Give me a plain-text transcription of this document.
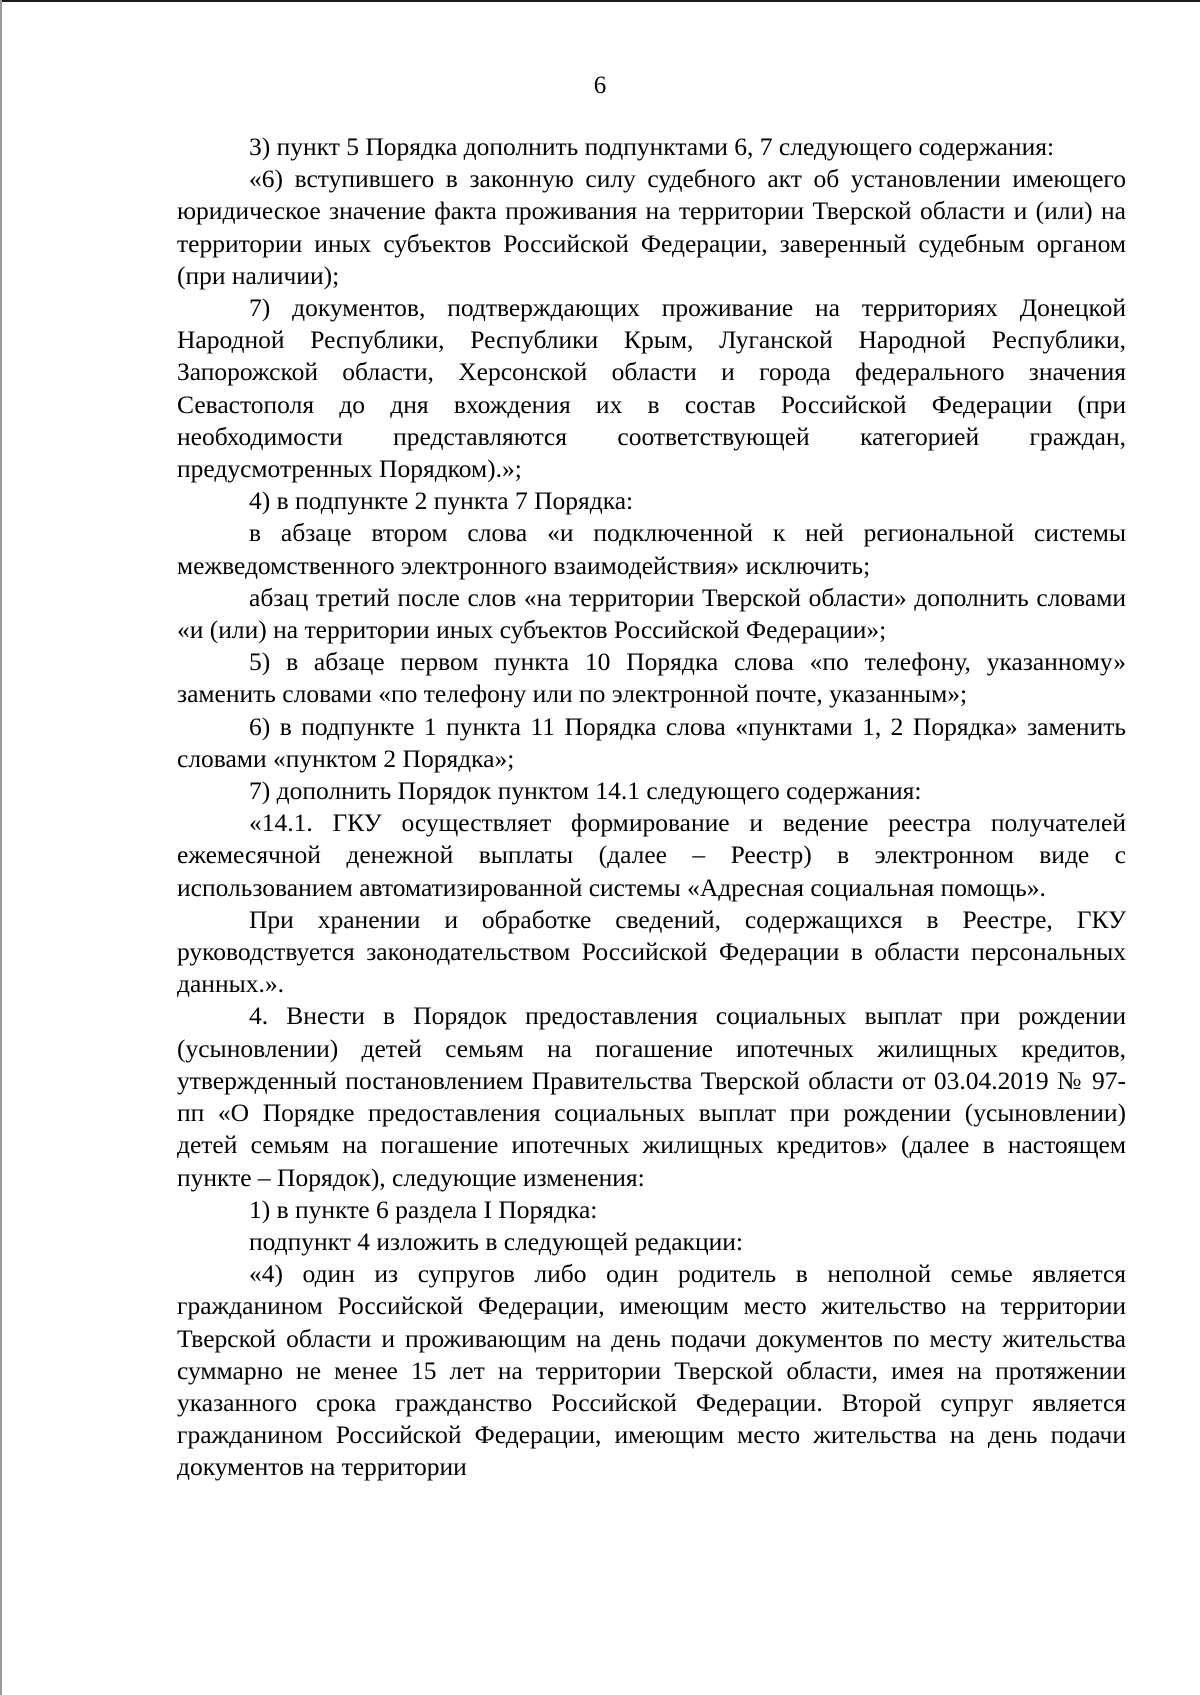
6

3) пункт 5 Порядка дополнить подпунктами 6, 7 следующего содержания:

«6) вступившего в законную силу судебного акт об установлении имеющего юридическое значение факта проживания на территории Тверской области и (или) на территории иных субъектов Российской Федерации, заверенный судебным органом (при наличии);

7) документов, подтверждающих проживание на территориях Донецкой Народной Республики, Республики Крым, Луганской Народной Республики, Запорожской области, Херсонской области и города федерального значения Севастополя до дня вхождения их в состав Российской Федерации (при необходимости представляются соответствующей категорией граждан, предусмотренных Порядком).»;

4) в подпункте 2 пункта 7 Порядка:

в абзаце втором слова «и подключенной к ней региональной системы межведомственного электронного взаимодействия» исключить;

абзац третий после слов «на территории Тверской области» дополнить словами «и (или) на территории иных субъектов Российской Федерации»;

5) в абзаце первом пункта 10 Порядка слова «по телефону, указанному» заменить словами «по телефону или по электронной почте, указанным»;

6) в подпункте 1 пункта 11 Порядка слова «пунктами 1, 2 Порядка» заменить словами «пунктом 2 Порядка»;

7) дополнить Порядок пунктом 14.1 следующего содержания:

«14.1. ГКУ осуществляет формирование и ведение реестра получателей ежемесячной денежной выплаты (далее – Реестр) в электронном виде с использованием автоматизированной системы «Адресная социальная помощь».

При хранении и обработке сведений, содержащихся в Реестре, ГКУ руководствуется законодательством Российской Федерации в области персональных данных.».

4. Внести в Порядок предоставления социальных выплат при рождении (усыновлении) детей семьям на погашение ипотечных жилищных кредитов, утвержденный постановлением Правительства Тверской области от 03.04.2019 № 97-пп «О Порядке предоставления социальных выплат при рождении (усыновлении) детей семьям на погашение ипотечных жилищных кредитов» (далее в настоящем пункте – Порядок), следующие изменения:

1) в пункте 6 раздела I Порядка:

подпункт 4 изложить в следующей редакции:

«4) один из супругов либо один родитель в неполной семье является гражданином Российской Федерации, имеющим место жительство на территории Тверской области и проживающим на день подачи документов по месту жительства суммарно не менее 15 лет на территории Тверской области, имея на протяжении указанного срока гражданство Российской Федерации. Второй супруг является гражданином Российской Федерации, имеющим место жительства на день подачи документов на территории
